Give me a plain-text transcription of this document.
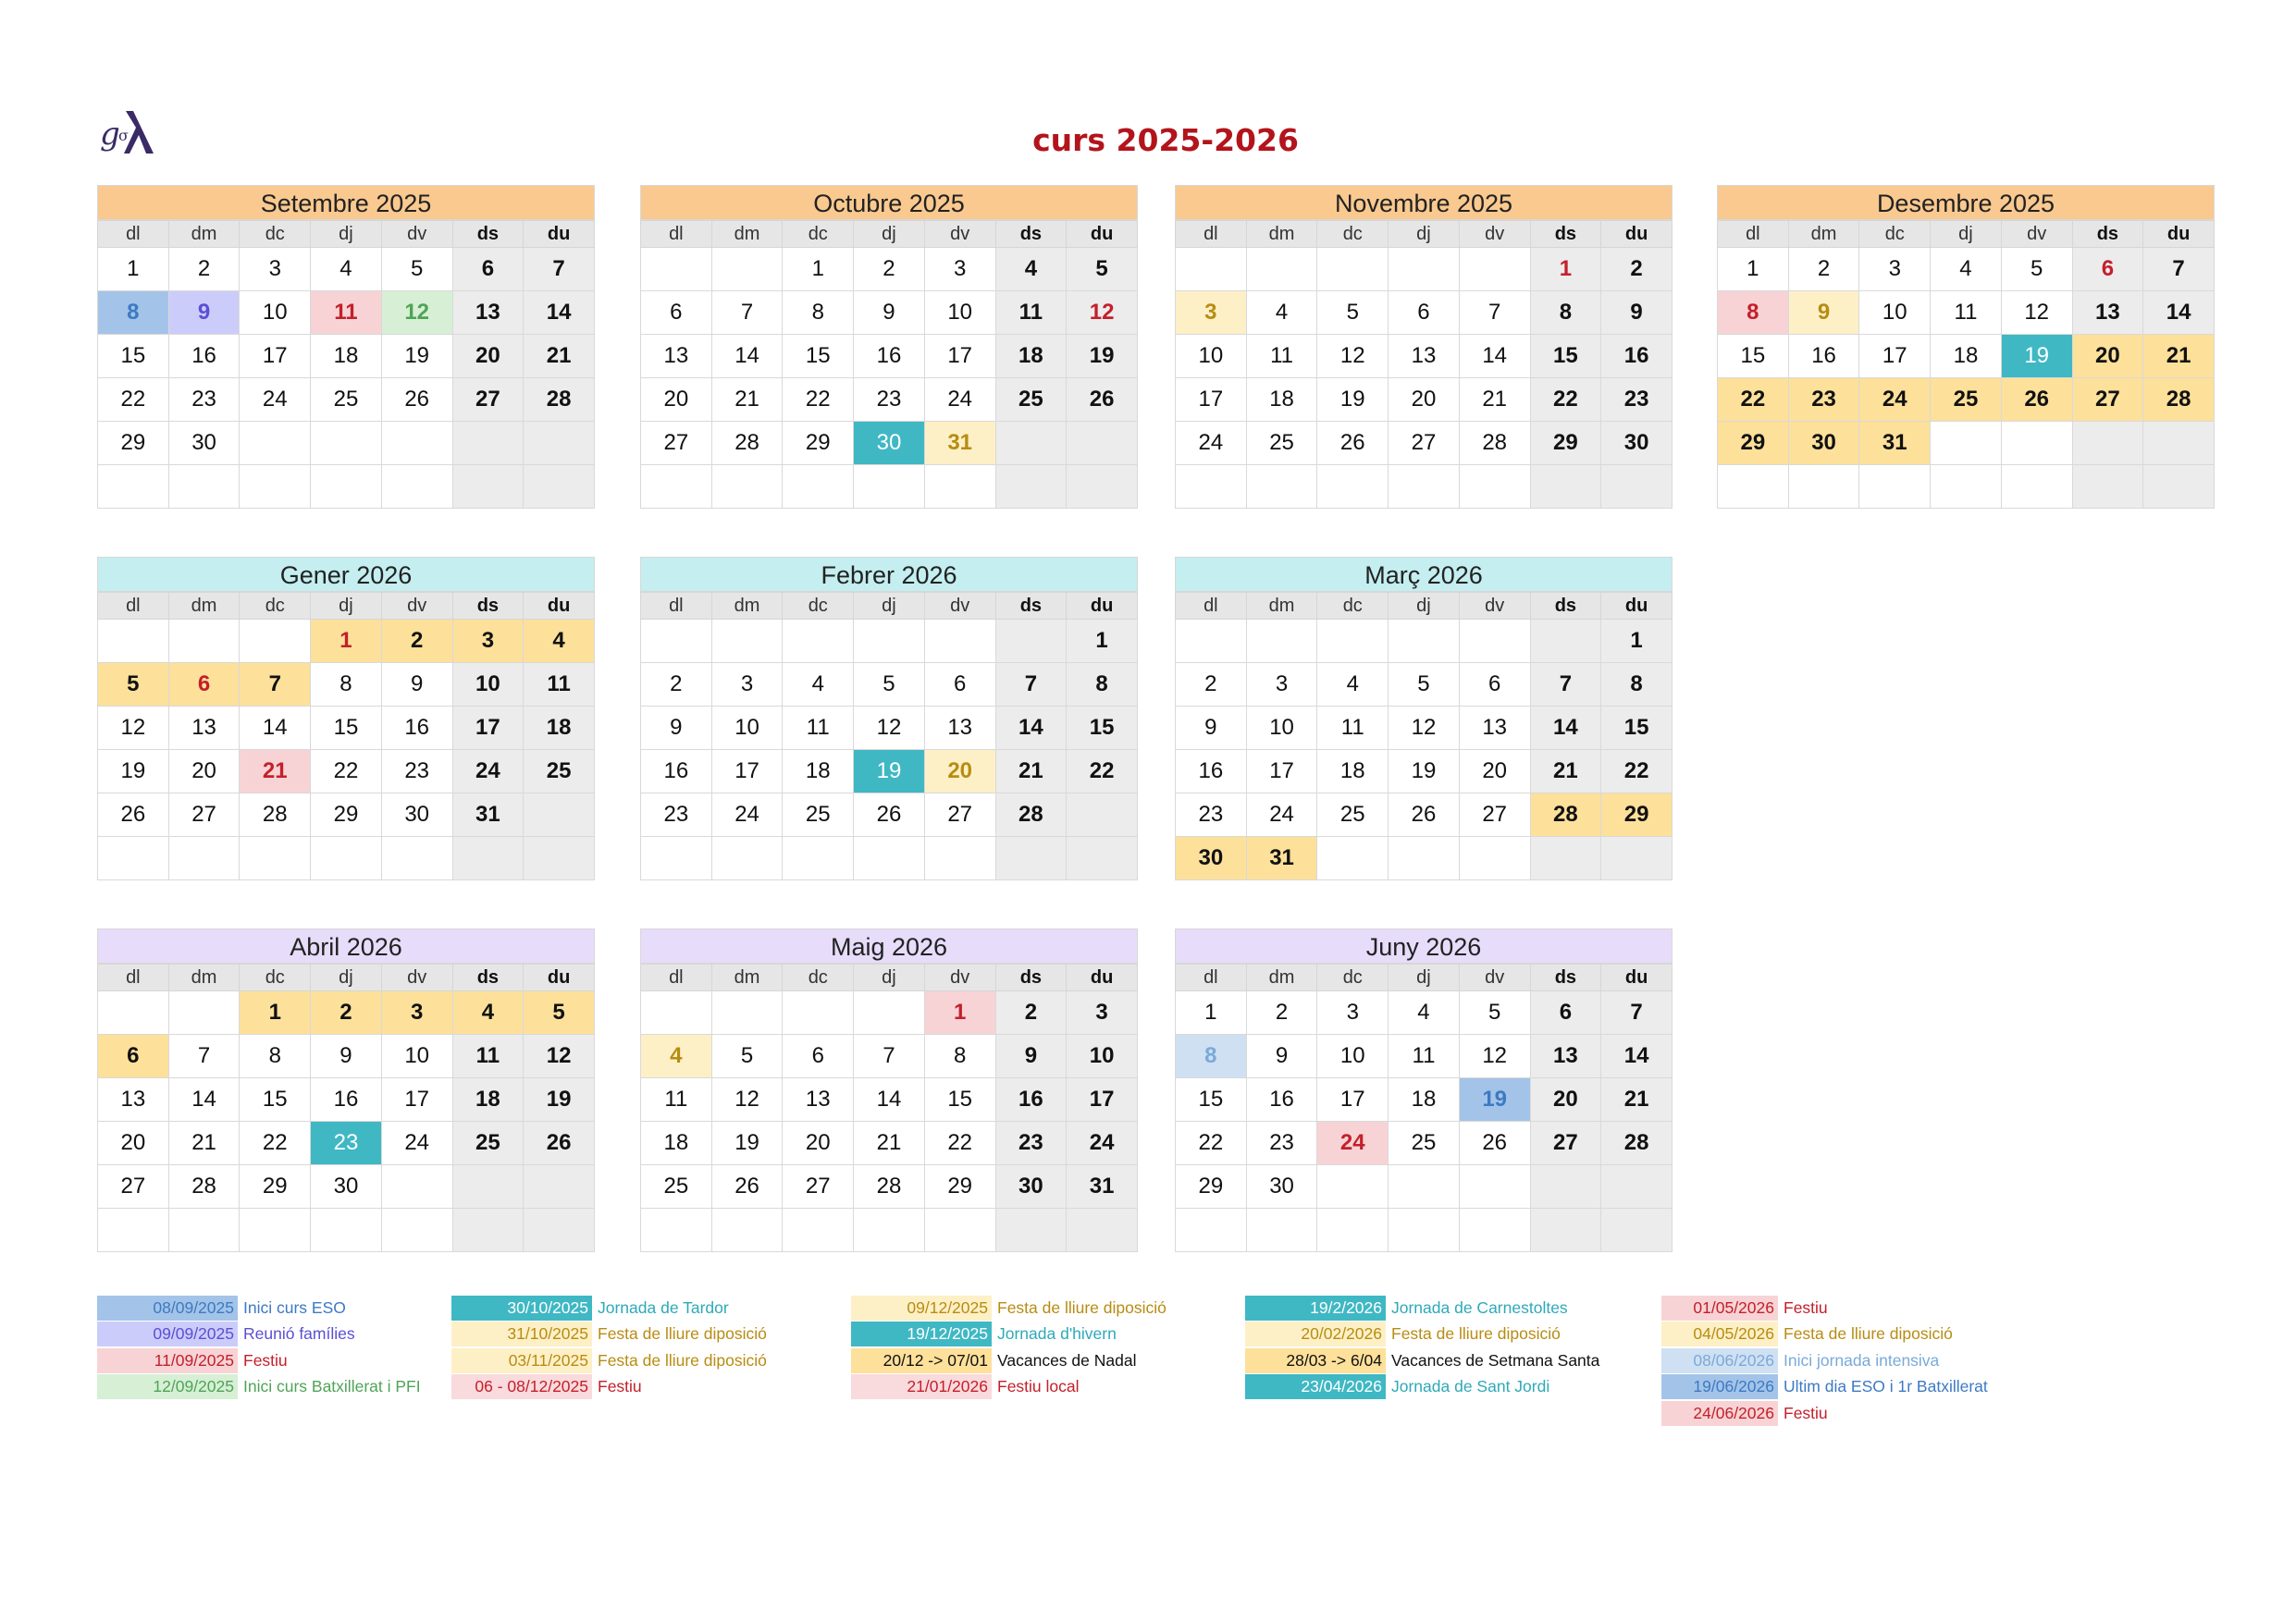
g
σ	curs 2025-2026
Setembre 2025
dl	dm	dc	dj	dv	ds	du
1	2	3	4	5	6	7
8	9	10	11	12	13	14
15	16	17	18	19	20	21
22	23	24	25	26	27	28
29	30					

Octubre 2025
dl	dm	dc	dj	dv	ds	du
		1	2	3	4	5
6	7	8	9	10	11	12
13	14	15	16	17	18	19
20	21	22	23	24	25	26
27	28	29	30	31		

Novembre 2025
dl	dm	dc	dj	dv	ds	du
					1	2
3	4	5	6	7	8	9
10	11	12	13	14	15	16
17	18	19	20	21	22	23
24	25	26	27	28	29	30

Desembre 2025
dl	dm	dc	dj	dv	ds	du
1	2	3	4	5	6	7
8	9	10	11	12	13	14
15	16	17	18	19	20	21
22	23	24	25	26	27	28
29	30	31				

Gener 2026
dl	dm	dc	dj	dv	ds	du
			1	2	3	4
5	6	7	8	9	10	11
12	13	14	15	16	17	18
19	20	21	22	23	24	25
26	27	28	29	30	31	

Febrer 2026
dl	dm	dc	dj	dv	ds	du
						1
2	3	4	5	6	7	8
9	10	11	12	13	14	15
16	17	18	19	20	21	22
23	24	25	26	27	28	

Març 2026
dl	dm	dc	dj	dv	ds	du
						1
2	3	4	5	6	7	8
9	10	11	12	13	14	15
16	17	18	19	20	21	22
23	24	25	26	27	28	29
30	31					
Abril 2026
dl	dm	dc	dj	dv	ds	du
		1	2	3	4	5
6	7	8	9	10	11	12
13	14	15	16	17	18	19
20	21	22	23	24	25	26
27	28	29	30			

Maig 2026
dl	dm	dc	dj	dv	ds	du
				1	2	3
4	5	6	7	8	9	10
11	12	13	14	15	16	17
18	19	20	21	22	23	24
25	26	27	28	29	30	31

Juny 2026
dl	dm	dc	dj	dv	ds	du
1	2	3	4	5	6	7
8	9	10	11	12	13	14
15	16	17	18	19	20	21
22	23	24	25	26	27	28
29	30					

08/09/2025 Inici curs ESO
09/09/2025 Reunió famílies
11/09/2025 Festiu
12/09/2025 Inici curs Batxillerat i PFI
30/10/2025 Jornada de Tardor
31/10/2025 Festa de lliure diposició
03/11/2025 Festa de lliure diposició
06 - 08/12/2025 Festiu
09/12/2025 Festa de lliure diposició
19/12/2025 Jornada d'hivern
20/12 -> 07/01 Vacances de Nadal
21/01/2026 Festiu local
19/2/2026 Jornada de Carnestoltes
20/02/2026 Festa de lliure diposició
28/03 -> 6/04 Vacances de Setmana Santa
23/04/2026 Jornada de Sant Jordi
01/05/2026 Festiu
04/05/2026 Festa de lliure diposició
08/06/2026 Inici jornada intensiva
19/06/2026 Ultim dia ESO i 1r Batxillerat
24/06/2026 Festiu
